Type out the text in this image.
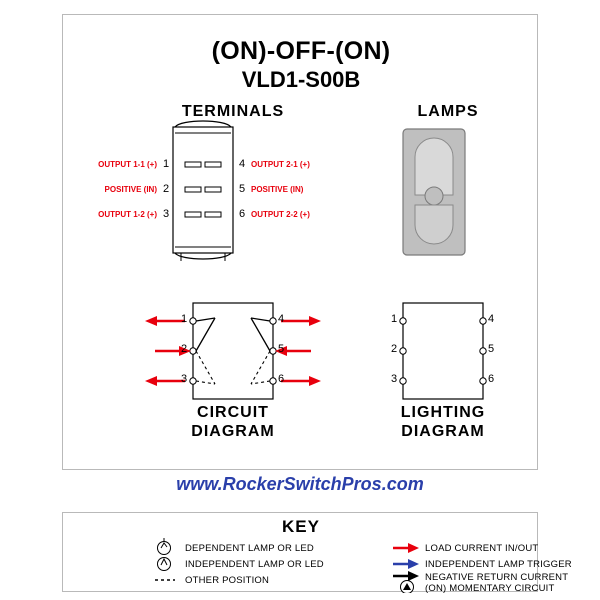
(ON)-OFF-(ON)
VLD1-S00B
TERMINALS	LAMPS
1
2
3
4
5
6
OUTPUT 1-1 (+)
POSITIVE (IN)
OUTPUT 1-2 (+)
OUTPUT 2-1 (+)
POSITIVE (IN)
OUTPUT 2-2 (+)
1
2
3
4
5
6
CIRCUIT
DIAGRAM
1
2
3
4
5
6
LIGHTING
DIAGRAM
www.RockerSwitchPros.com
KEY
DEPENDENT LAMP OR LED
INDEPENDENT LAMP OR LED
OTHER POSITION
LOAD CURRENT IN/OUT
INDEPENDENT LAMP TRIGGER
NEGATIVE RETURN CURRENT
(ON) MOMENTARY CIRCUIT
